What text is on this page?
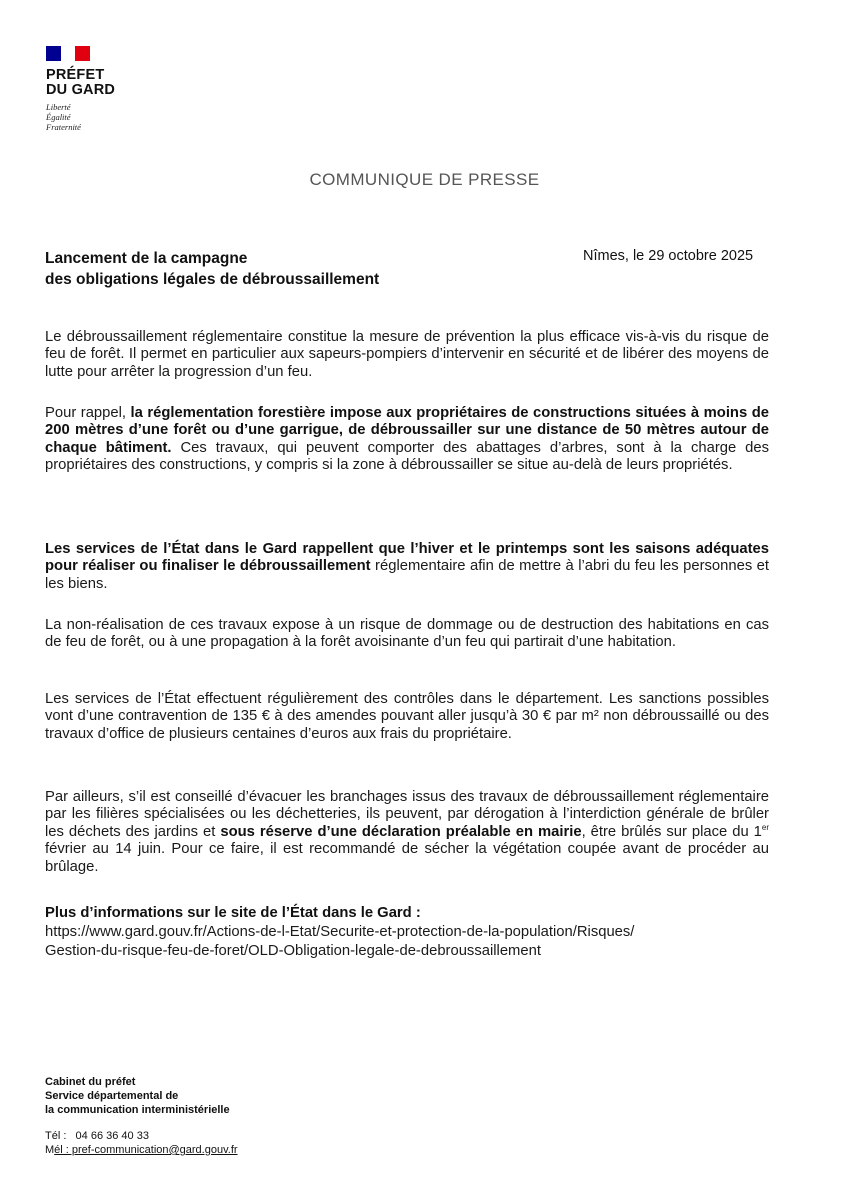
PRÉFET
DU GARD
Liberté
Égalité
Fraternité
COMMUNIQUE DE PRESSE
Lancement de la campagne
des obligations légales de débroussaillement
Nîmes, le 29 octobre 2025
Le débroussaillement réglementaire constitue la mesure de prévention la plus efficace vis-à-vis du risque de feu de forêt. Il permet en particulier aux sapeurs-pompiers d’intervenir en sécurité et de libérer des moyens de lutte pour arrêter la progression d’un feu.
Pour rappel, la réglementation forestière impose aux propriétaires de constructions situées à moins de 200 mètres d’une forêt ou d’une garrigue, de débroussailler sur une distance de 50 mètres autour de chaque bâtiment. Ces travaux, qui peuvent comporter des abattages d’arbres, sont à la charge des propriétaires des constructions, y compris si la zone à débroussailler se situe au-delà de leurs propriétés.
Les services de l’État dans le Gard rappellent que l’hiver et le printemps sont les saisons adéquates pour réaliser ou finaliser le débroussaillement réglementaire afin de mettre à l’abri du feu les personnes et les biens.
La non-réalisation de ces travaux expose à un risque de dommage ou de destruction des habitations en cas de feu de forêt, ou à une propagation à la forêt avoisinante d’un feu qui partirait d’une habitation.
Les services de l’État effectuent régulièrement des contrôles dans le département. Les sanctions possibles vont d’une contravention de 135 € à des amendes pouvant aller jusqu’à 30 € par m² non débroussaillé ou des travaux d’office de plusieurs centaines d’euros aux frais du propriétaire.
Par ailleurs, s’il est conseillé d’évacuer les branchages issus des travaux de débroussaillement réglementaire par les filières spécialisées ou les déchetteries, ils peuvent, par dérogation à l’interdiction générale de brûler les déchets des jardins et sous réserve d’une déclaration préalable en mairie, être brûlés sur place du 1er février au 14 juin. Pour ce faire, il est recommandé de sécher la végétation coupée avant de procéder au brûlage.
Plus d’informations sur le site de l’État dans le Gard :
https://www.gard.gouv.fr/Actions-de-l-Etat/Securite-et-protection-de-la-population/Risques/
Gestion-du-risque-feu-de-foret/OLD-Obligation-legale-de-debroussaillement
Cabinet du préfet
Service départemental de
la communication interministérielle
Tél :   04 66 36 40 33
Mél : pref-communication@gard.gouv.fr
